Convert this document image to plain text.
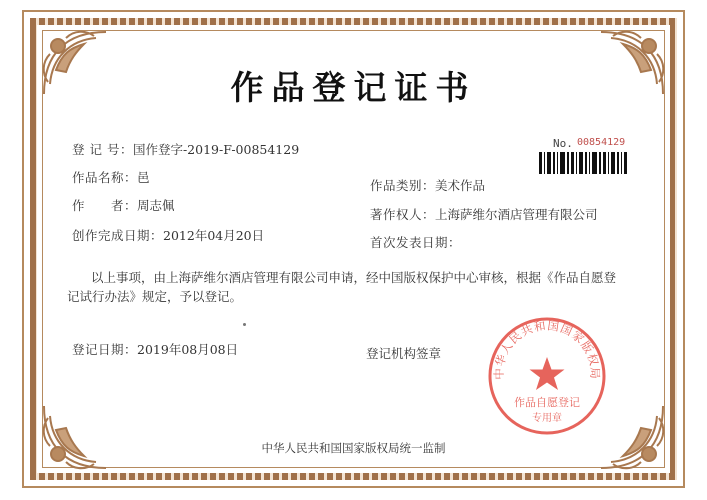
作品登记证书
No. 00854129
登 记 号：国作登字-2019-F-00854129
作品名称：邑
作品类别：美术作品
作　　者：周志佩
著作权人：上海萨维尔酒店管理有限公司
创作完成日期：2012年04月20日	首次发表日期：
以上事项，由上海萨维尔酒店管理有限公司申请，经中国版权保护中心审核，根据《作品自愿登记试行办法》规定，予以登记。
登记日期：2019年08月08日	登记机构签章
中华人民共和国国家版权局
作品自愿登记
专用章
中华人民共和国国家版权局统一监制
